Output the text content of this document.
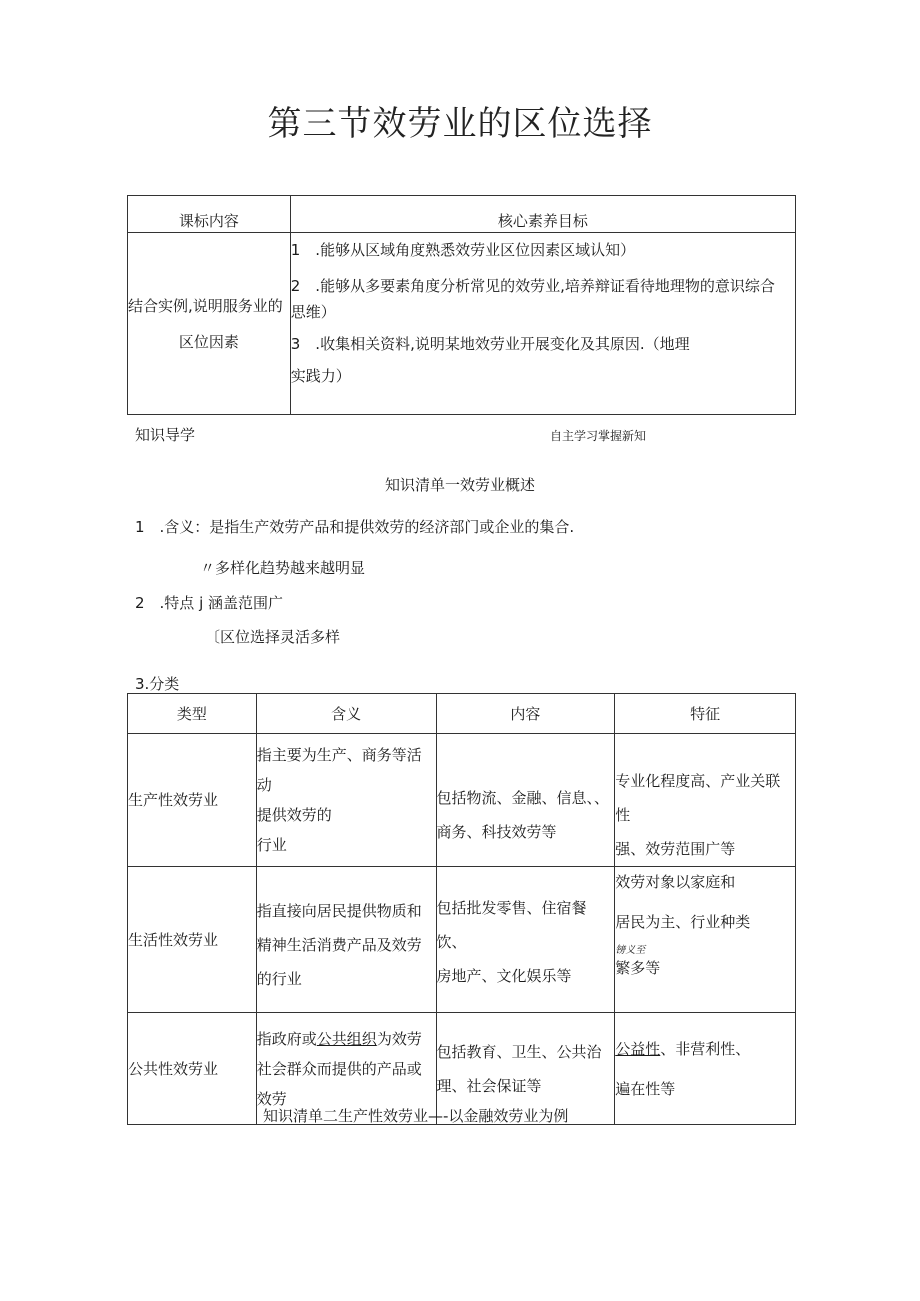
第三节效劳业的区位选择
课标内容	核心素养目标

结合实例,说明服务业的
区位因素	1　.能够从区域角度熟悉效劳业区位因素区域认知）
2　.能够从多要素角度分析常见的效劳业,培养辩证看待地理物的意识综合
思维）
3　.收集相关资料,说明某地效劳业开展变化及其原因.（地理
实践力）
知识导学	自主学习掌握新知
知识清单一效劳业概述
1　.含义：是指生产效劳产品和提供效劳的经济部门或企业的集合.
〃多样化趋势越来越明显
2　.特点 j 涵盖范围广
〔区位选择灵活多样
3.分类
类型	含义	内容	特征
生产性效劳业	指主要为生产、商务等活动
提供效劳的
行业	包括物流、金融、信息、、
商务、科技效劳等	专业化程度高、产业关联性
强、效劳范围广等

生活性效劳业	指直接向居民提供物质和
精神生活消费产品及效劳
的行业	包括批发零售、住宿餐饮、
房地产、文化娱乐等	效劳对象以家庭和
居民为主、行业种类
镑义至
繁多等

公共性效劳业	指政府或公共组织为效劳
社会群众而提供的产品或
效劳	包括教育、卫生、公共治
理、社会保证等	公益性、非营利性、
遍在性等
知识清单二生产性效劳业—-以金融效劳业为例
